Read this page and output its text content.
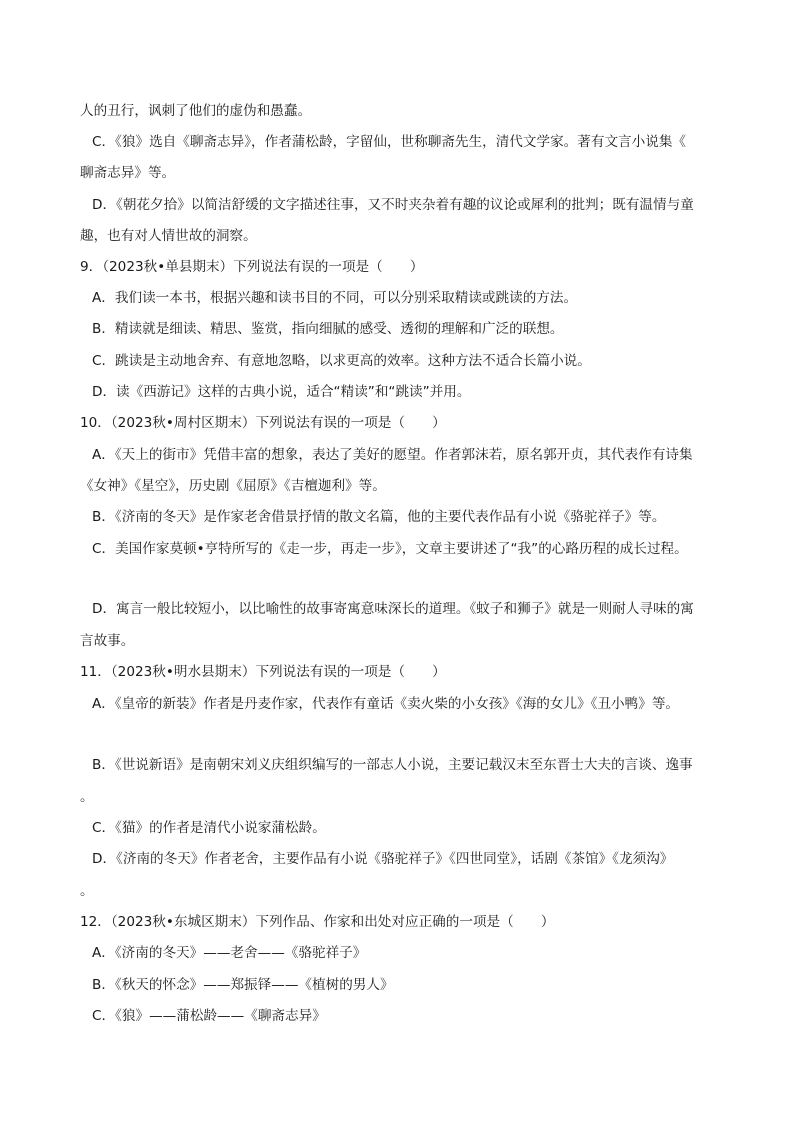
人的丑行，讽刺了他们的虚伪和愚蠢。
C．《狼》选自《聊斋志异》，作者蒲松龄，字留仙，世称聊斋先生，清代文学家。著有文言小说集《
聊斋志异》等。
D．《朝花夕拾》以简洁舒缓的文字描述往事，又不时夹杂着有趣的议论或犀利的批判；既有温情与童
趣，也有对人情世故的洞察。
9．（2023秋•单县期末）下列说法有误的一项是（　　）
A．我们读一本书，根据兴趣和读书目的不同，可以分别采取精读或跳读的方法。
B．精读就是细读、精思、鉴赏，指向细腻的感受、透彻的理解和广泛的联想。
C．跳读是主动地舍弃、有意地忽略，以求更高的效率。这种方法不适合长篇小说。
D．读《西游记》这样的古典小说，适合“精读”和“跳读”并用。
10．（2023秋•周村区期末）下列说法有误的一项是（　　）
A．《天上的街市》凭借丰富的想象，表达了美好的愿望。作者郭沫若，原名郭开贞，其代表作有诗集
《女神》《星空》，历史剧《屈原》《吉檀迦利》等。
B．《济南的冬天》是作家老舍借景抒情的散文名篇，他的主要代表作品有小说《骆驼祥子》等。
C．美国作家莫顿•亨特所写的《走一步，再走一步》，文章主要讲述了“我”的心路历程的成长过程。
D．寓言一般比较短小，以比喻性的故事寄寓意味深长的道理。《蚊子和狮子》就是一则耐人寻味的寓
言故事。
11．（2023秋•明水县期末）下列说法有误的一项是（　　）
A．《皇帝的新装》作者是丹麦作家，代表作有童话《卖火柴的小女孩》《海的女儿》《丑小鸭》等。
B．《世说新语》是南朝宋刘义庆组织编写的一部志人小说，主要记载汉末至东晋士大夫的言谈、逸事
。
C．《猫》的作者是清代小说家蒲松龄。
D．《济南的冬天》作者老舍，主要作品有小说《骆驼祥子》《四世同堂》，话剧《茶馆》《龙须沟》
。
12．（2023秋•东城区期末）下列作品、作家和出处对应正确的一项是（　　）
A．《济南的冬天》——老舍——《骆驼祥子》
B．《秋天的怀念》——郑振铎——《植树的男人》
C．《狼》——蒲松龄——《聊斋志异》
